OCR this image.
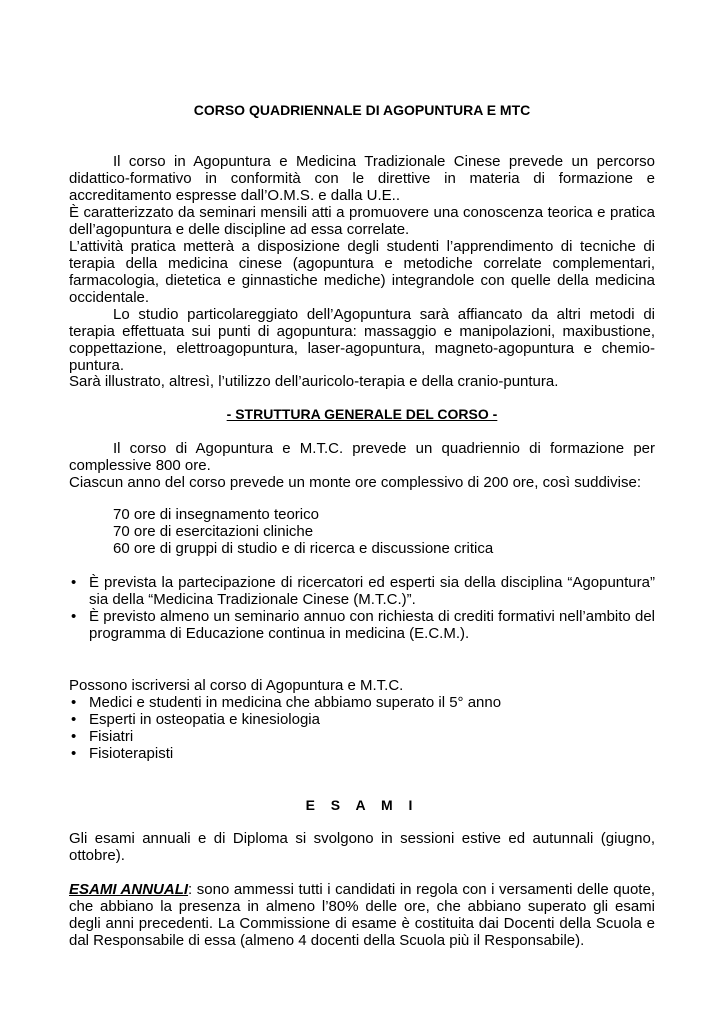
CORSO QUADRIENNALE DI AGOPUNTURA E MTC

Il corso in Agopuntura e Medicina Tradizionale Cinese prevede un percorso didattico-formativo in conformità con le direttive in materia di formazione e accreditamento espresse dall’O.M.S. e dalla U.E..

È caratterizzato da seminari mensili atti a promuovere una conoscenza teorica e pratica dell’agopuntura e delle discipline ad essa correlate.

L’attività pratica metterà a disposizione degli studenti l’apprendimento di tecniche di terapia della medicina cinese (agopuntura e metodiche correlate complementari, farmacologia, dietetica e ginnastiche mediche) integrandole con quelle della medicina occidentale.

Lo studio particolareggiato dell’Agopuntura sarà affiancato da altri metodi di terapia effettuata sui punti di agopuntura: massaggio e manipolazioni, maxibustione, coppettazione, elettroagopuntura, laser-agopuntura, magneto-agopuntura e chemio-puntura.

Sarà illustrato, altresì, l’utilizzo dell’auricolo-terapia e della cranio-puntura.

- STRUTTURA GENERALE DEL CORSO -

Il corso di Agopuntura e M.T.C. prevede un quadriennio di formazione per complessive 800 ore.

Ciascun anno del corso prevede un monte ore complessivo di 200 ore, così suddivise:

70 ore di insegnamento teorico
70 ore di esercitazioni cliniche
60 ore di gruppi di studio e di ricerca e discussione critica
• È prevista la partecipazione di ricercatori ed esperti sia della disciplina “Agopuntura” sia della “Medicina Tradizionale Cinese (M.T.C.)”.
• È previsto almeno un seminario annuo con richiesta di crediti formativi nell’ambito del programma di Educazione continua in medicina (E.C.M.).

Possono iscriversi al corso di Agopuntura e M.T.C.

• Medici e studenti in medicina che abbiamo superato il 5° anno
• Esperti in osteopatia e kinesiologia
• Fisiatri
• Fisioterapisti
E S A M I

Gli esami annuali e di Diploma si svolgono in sessioni estive ed autunnali (giugno, ottobre).

ESAMI ANNUALI: sono ammessi tutti i candidati in regola con i versamenti delle quote, che abbiano la presenza in almeno l’80% delle ore, che abbiano superato gli esami degli anni precedenti. La Commissione di esame è costituita dai Docenti della Scuola e dal Responsabile di essa (almeno 4 docenti della Scuola più il Responsabile).
